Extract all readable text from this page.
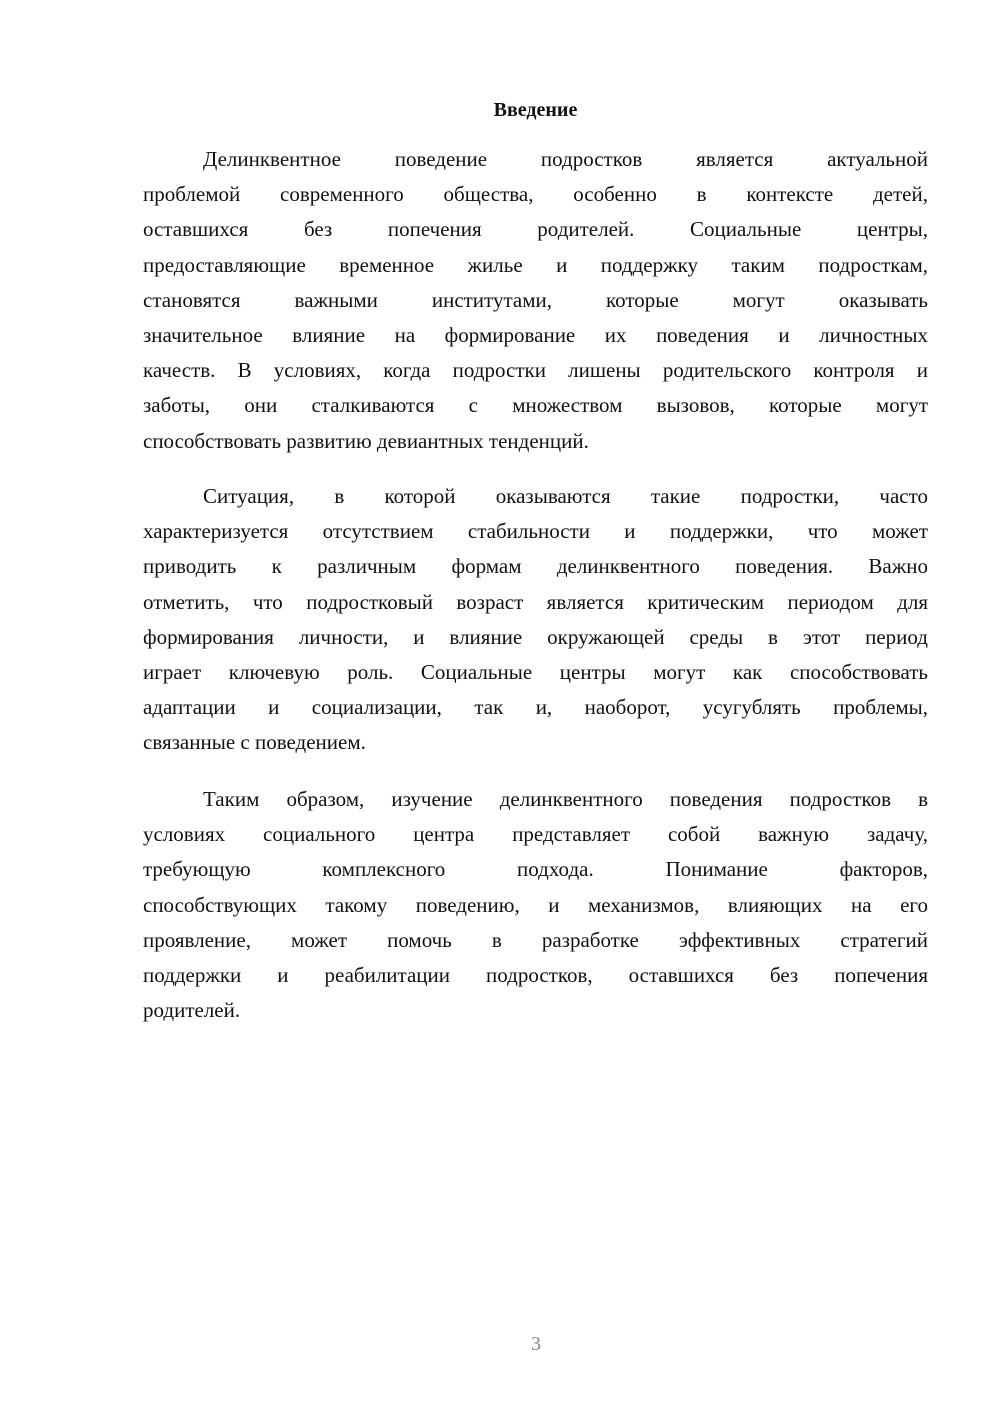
Введение
Делинквентное поведение подростков является актуальной
проблемой современного общества, особенно в контексте детей,
оставшихся без попечения родителей. Социальные центры,
предоставляющие временное жилье и поддержку таким подросткам,
становятся важными институтами, которые могут оказывать
значительное влияние на формирование их поведения и личностных
качеств. В условиях, когда подростки лишены родительского контроля и
заботы, они сталкиваются с множеством вызовов, которые могут
способствовать развитию девиантных тенденций.
Ситуация, в которой оказываются такие подростки, часто
характеризуется отсутствием стабильности и поддержки, что может
приводить к различным формам делинквентного поведения. Важно
отметить, что подростковый возраст является критическим периодом для
формирования личности, и влияние окружающей среды в этот период
играет ключевую роль. Социальные центры могут как способствовать
адаптации и социализации, так и, наоборот, усугублять проблемы,
связанные с поведением.
Таким образом, изучение делинквентного поведения подростков в
условиях социального центра представляет собой важную задачу,
требующую комплексного подхода. Понимание факторов,
способствующих такому поведению, и механизмов, влияющих на его
проявление, может помочь в разработке эффективных стратегий
поддержки и реабилитации подростков, оставшихся без попечения
родителей.
3
